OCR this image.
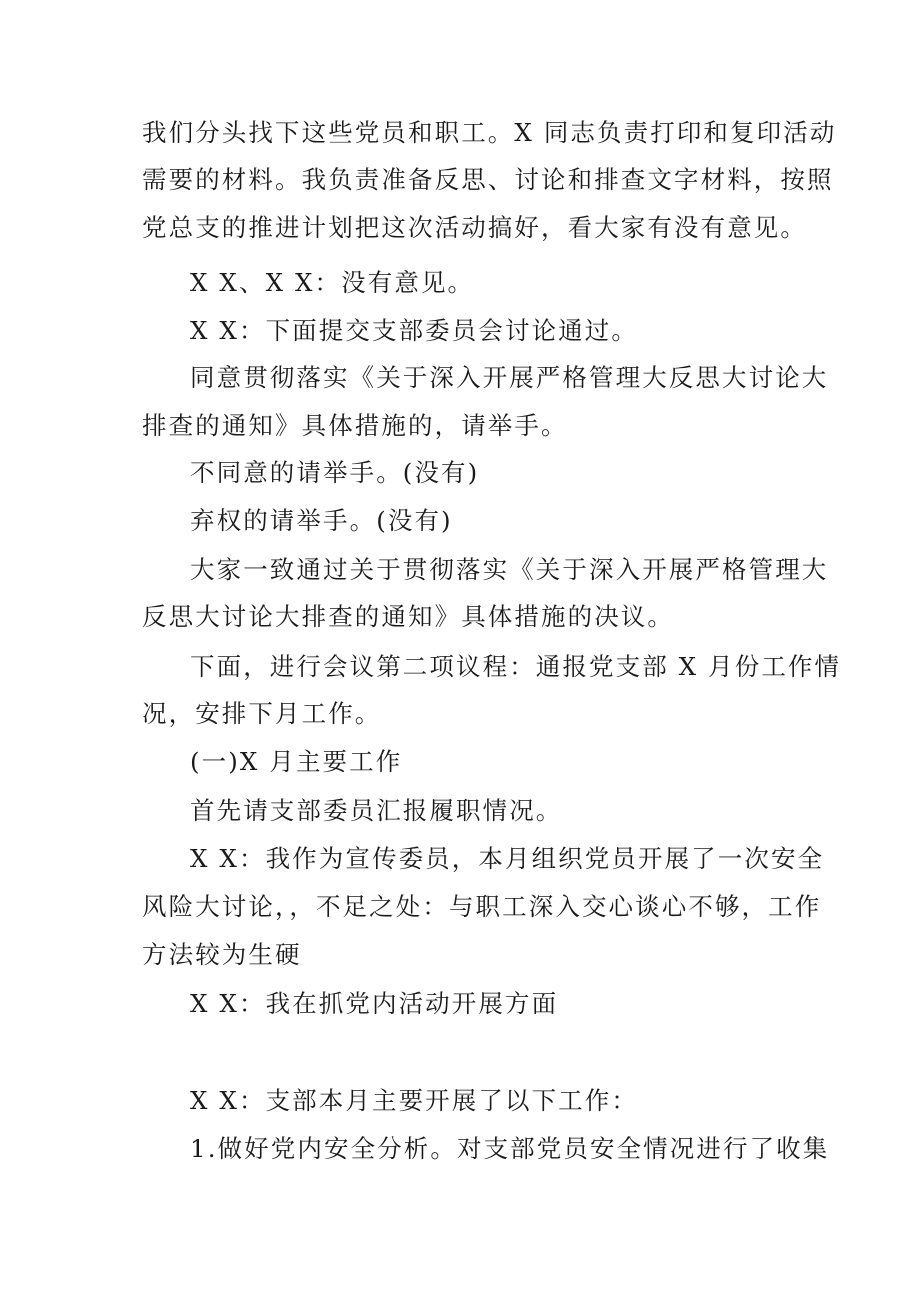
我们分头找下这些党员和职工。X 同志负责打印和复印活动
需要的材料。我负责准备反思、讨论和排查文字材料，按照
党总支的推进计划把这次活动搞好，看大家有没有意见。
X X、X X：没有意见。
X X：下面提交支部委员会讨论通过。
同意贯彻落实《关于深入开展严格管理大反思大讨论大
排查的通知》具体措施的，请举手。
不同意的请举手。(没有)
弃权的请举手。(没有)
大家一致通过关于贯彻落实《关于深入开展严格管理大
反思大讨论大排查的通知》具体措施的决议。
下面，进行会议第二项议程：通报党支部 X 月份工作情
况，安排下月工作。
(一)X 月主要工作
首先请支部委员汇报履职情况。
X X：我作为宣传委员，本月组织党员开展了一次安全
风险大讨论，，不足之处：与职工深入交心谈心不够，工作
方法较为生硬
X X：我在抓党内活动开展方面
X X：支部本月主要开展了以下工作：
1.做好党内安全分析。对支部党员安全情况进行了收集
